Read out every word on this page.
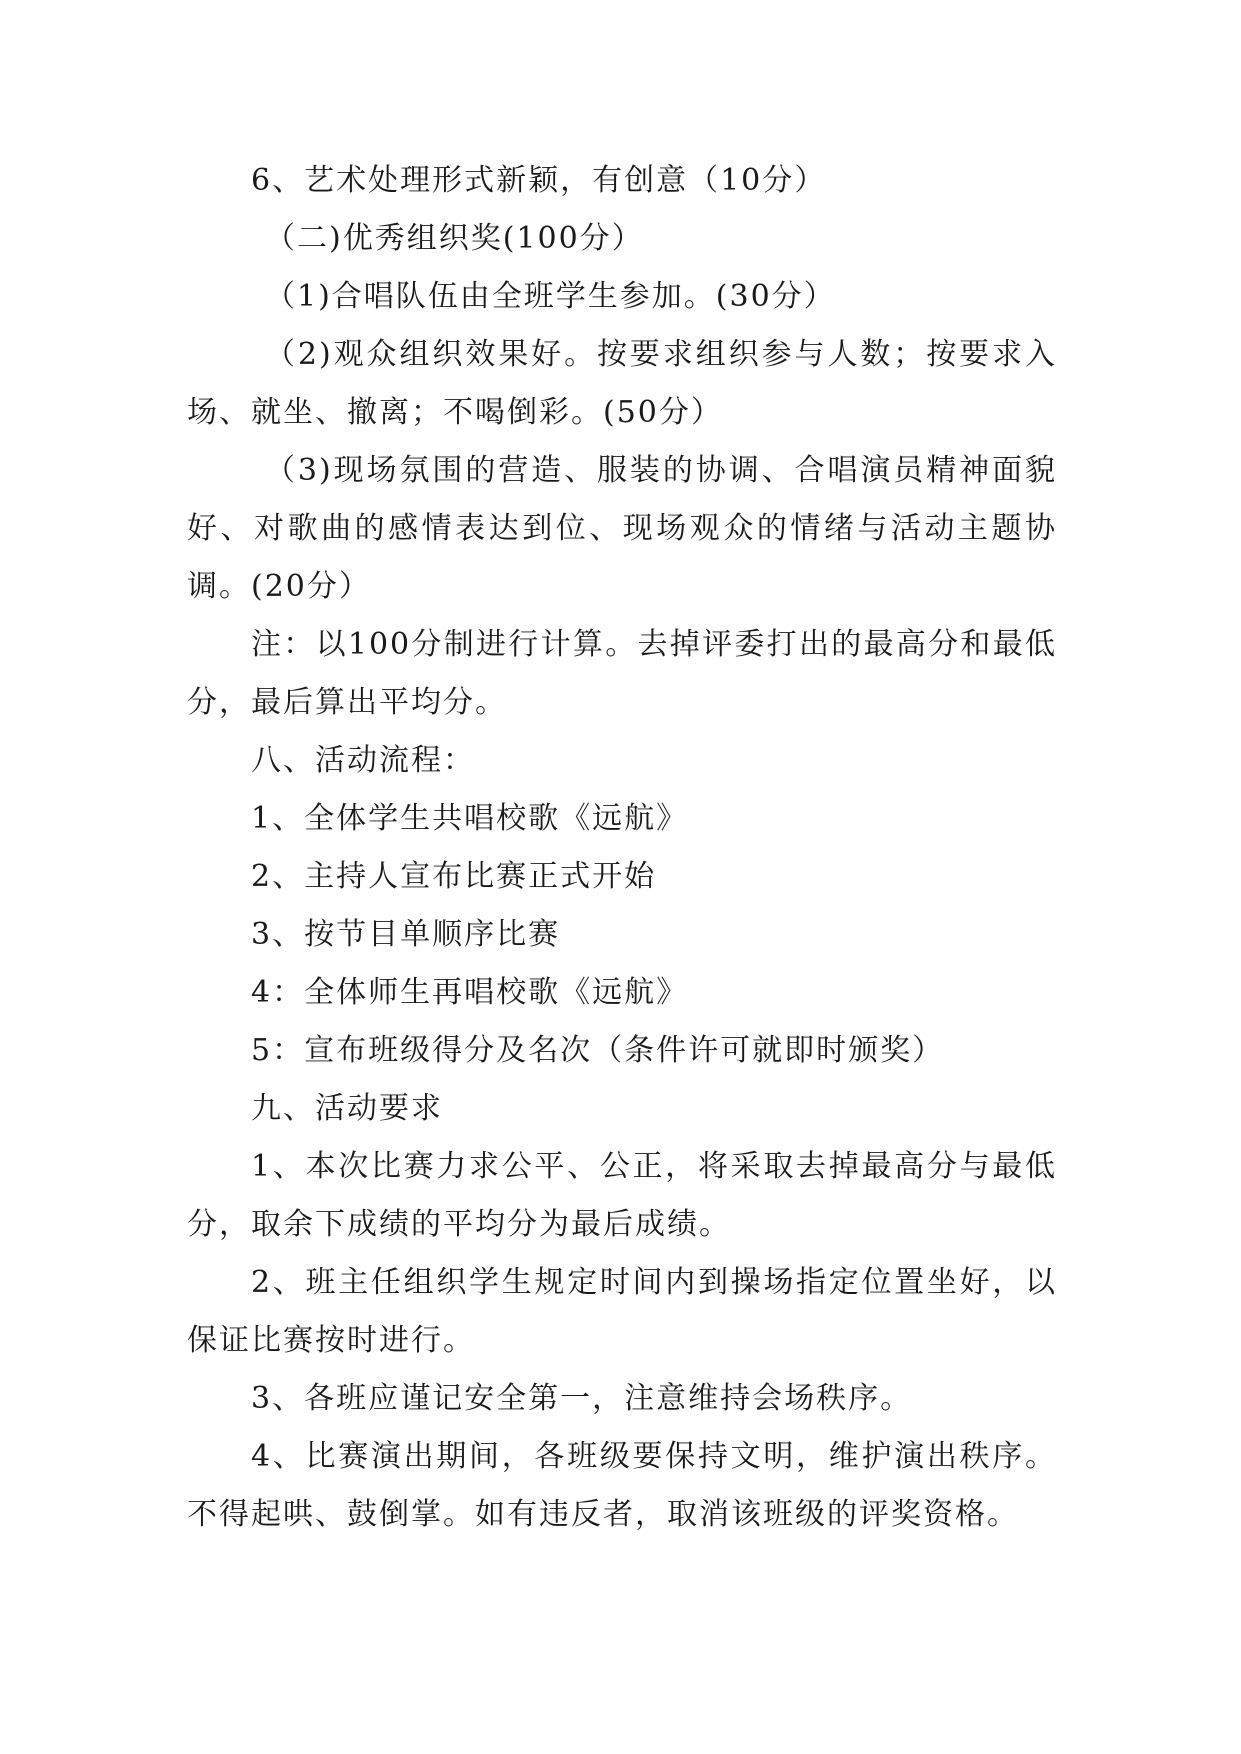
6、艺术处理形式新颖，有创意（10分）

（二)优秀组织奖(100分）

（1)合唱队伍由全班学生参加。(30分）

（2)观众组织效果好。按要求组织参与人数；按要求入场、就坐、撤离；不喝倒彩。(50分）

（3)现场氛围的营造、服装的协调、合唱演员精神面貌好、对歌曲的感情表达到位、现场观众的情绪与活动主题协调。(20分）

注：以100分制进行计算。去掉评委打出的最高分和最低分，最后算出平均分。

八、活动流程：

1、全体学生共唱校歌《远航》

2、主持人宣布比赛正式开始

3、按节目单顺序比赛

4：全体师生再唱校歌《远航》

5：宣布班级得分及名次（条件许可就即时颁奖）

九、活动要求

1、本次比赛力求公平、公正，将采取去掉最高分与最低分，取余下成绩的平均分为最后成绩。

2、班主任组织学生规定时间内到操场指定位置坐好，以保证比赛按时进行。

3、各班应谨记安全第一，注意维持会场秩序。

4、比赛演出期间，各班级要保持文明，维护演出秩序。不得起哄、鼓倒掌。如有违反者，取消该班级的评奖资格。
